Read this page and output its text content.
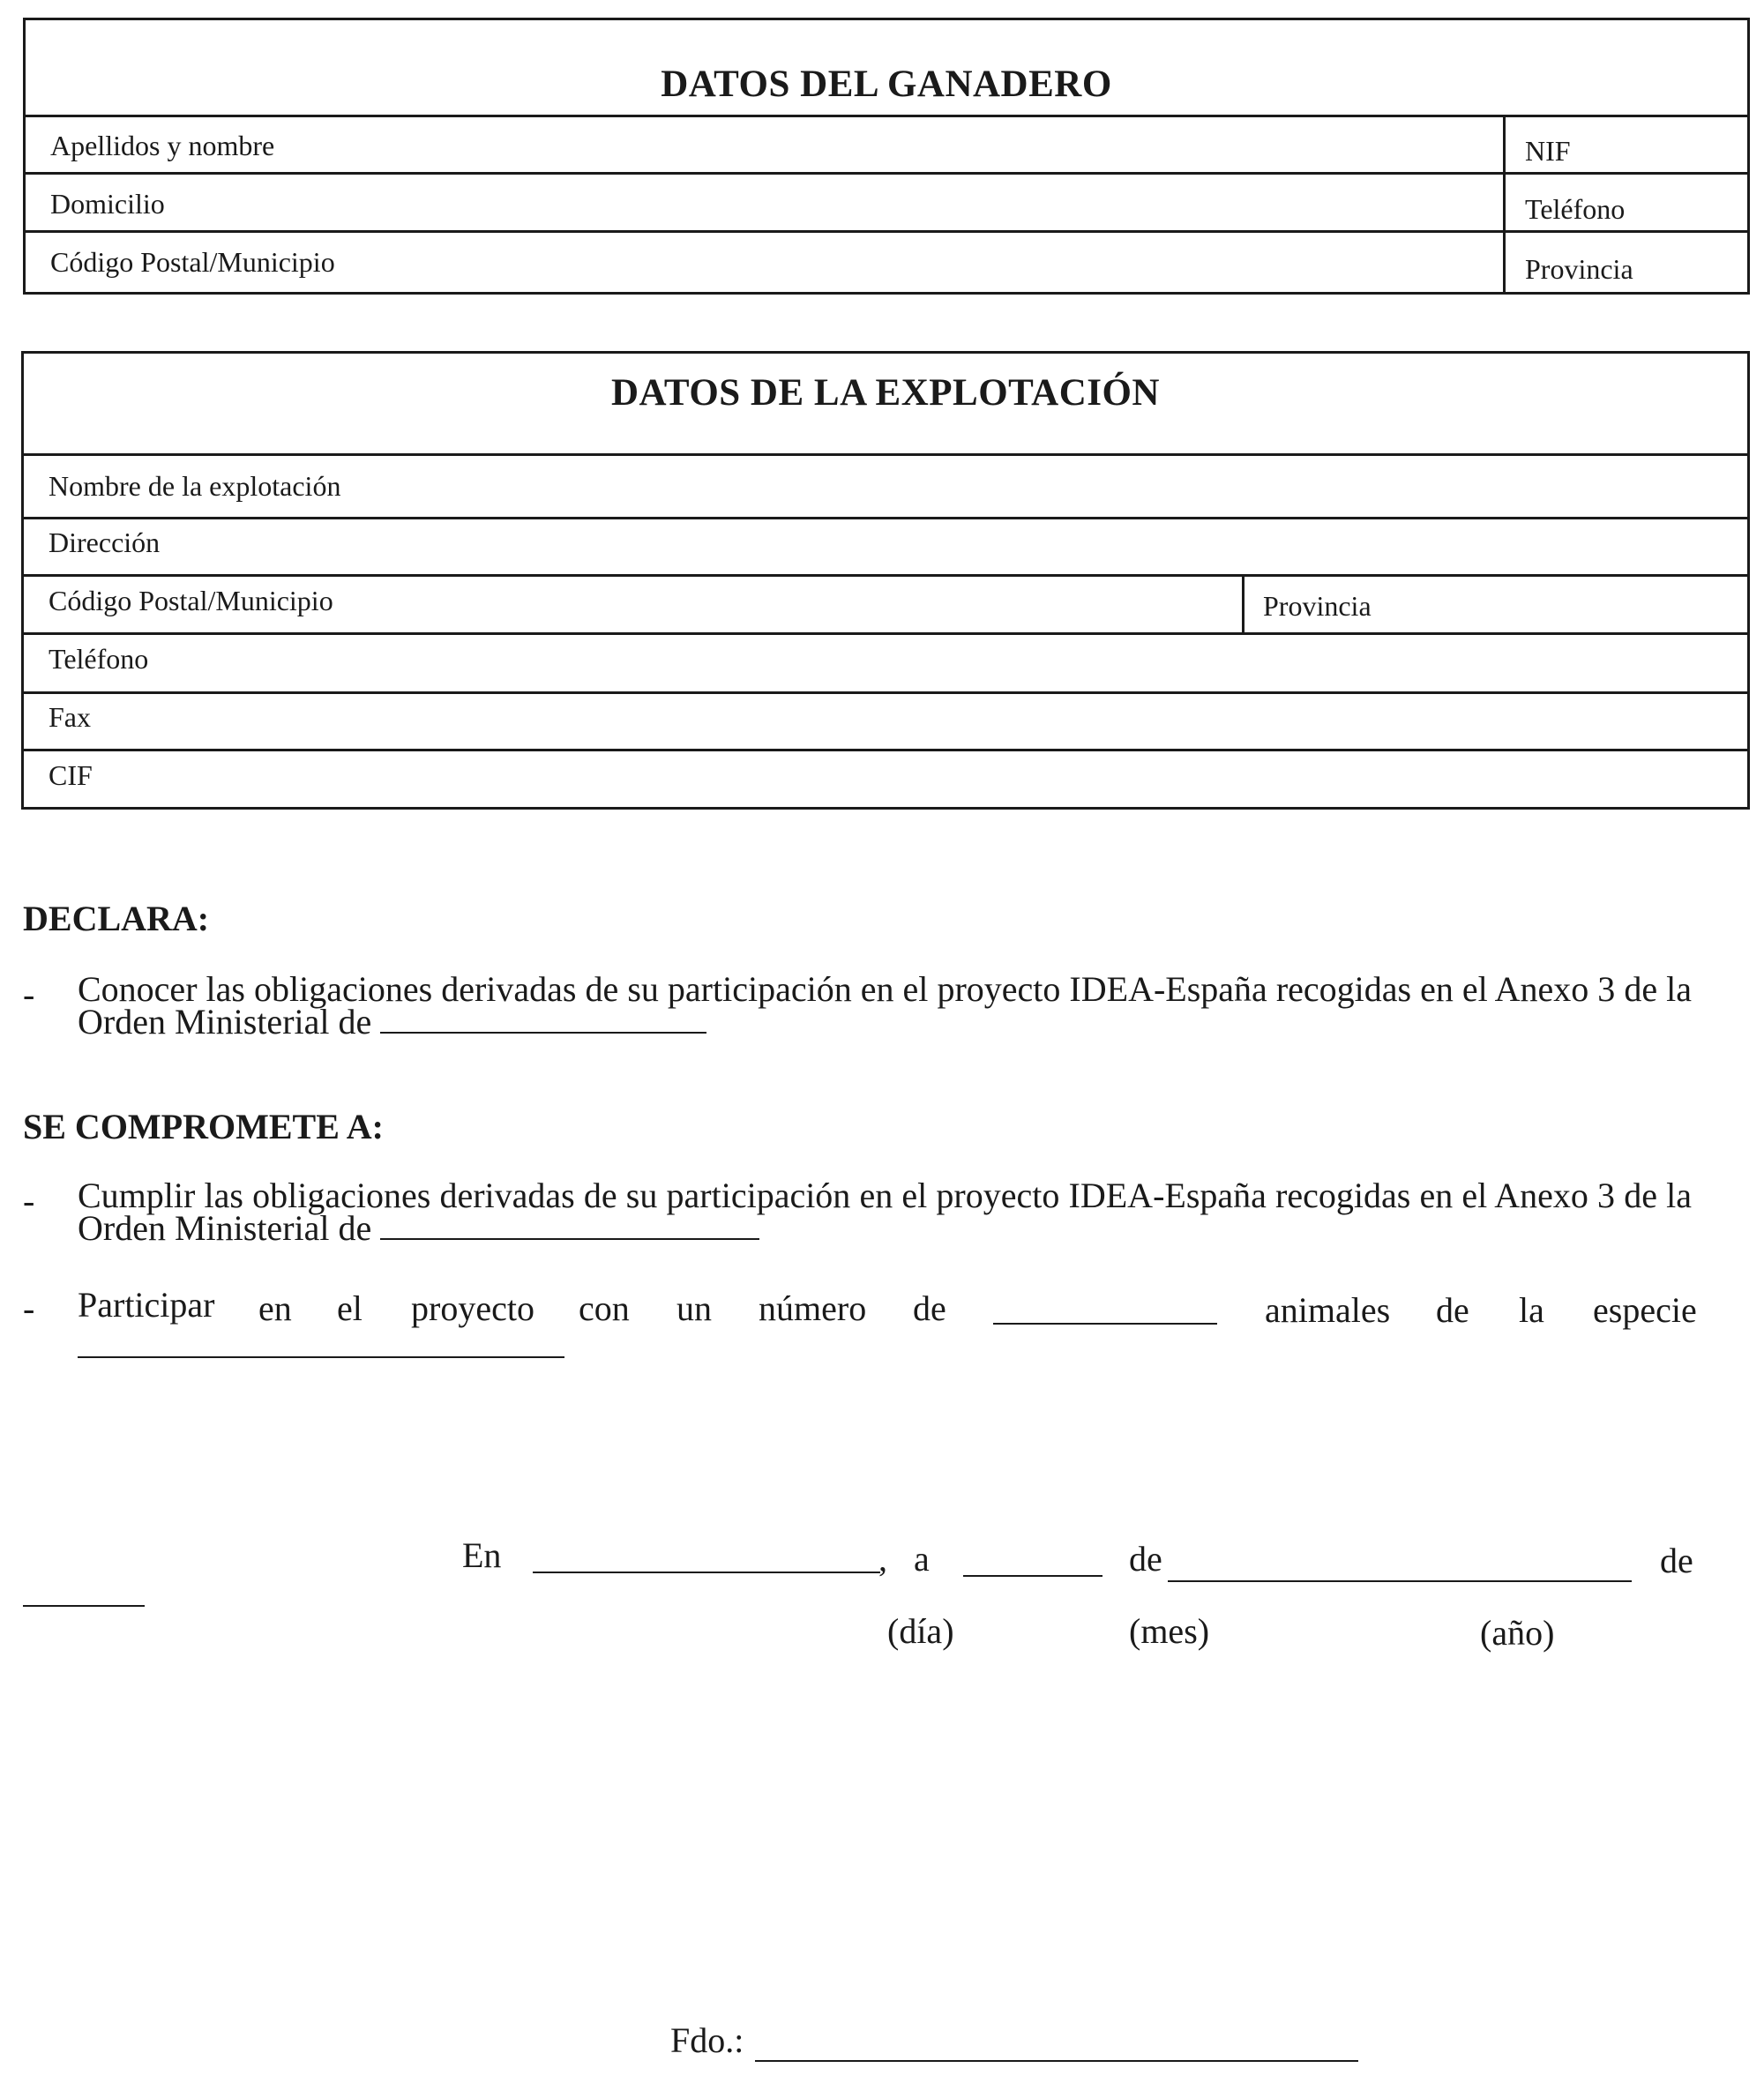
DATOS DEL GANADERO
Apellidos y nombre	NIF
Domicilio	Teléfono
Código Postal/Municipio	Provincia
DATOS DE LA EXPLOTACIÓN
Nombre de la explotación
Dirección
Código Postal/Municipio	Provincia
Teléfono
Fax
CIF
DECLARA:
- Conocer las obligaciones derivadas de su participación en el proyecto IDEA-España recogidas en el Anexo 3 de la
Orden Ministerial de
SE COMPROMETE A:
- Cumplir las obligaciones derivadas de su participación en el proyecto IDEA-España recogidas en el Anexo 3 de la
Orden Ministerial de
- Participar en el proyecto con un número de	animales de la especie
En	, a	de	de
(día)	(mes)	(año)
Fdo.:
